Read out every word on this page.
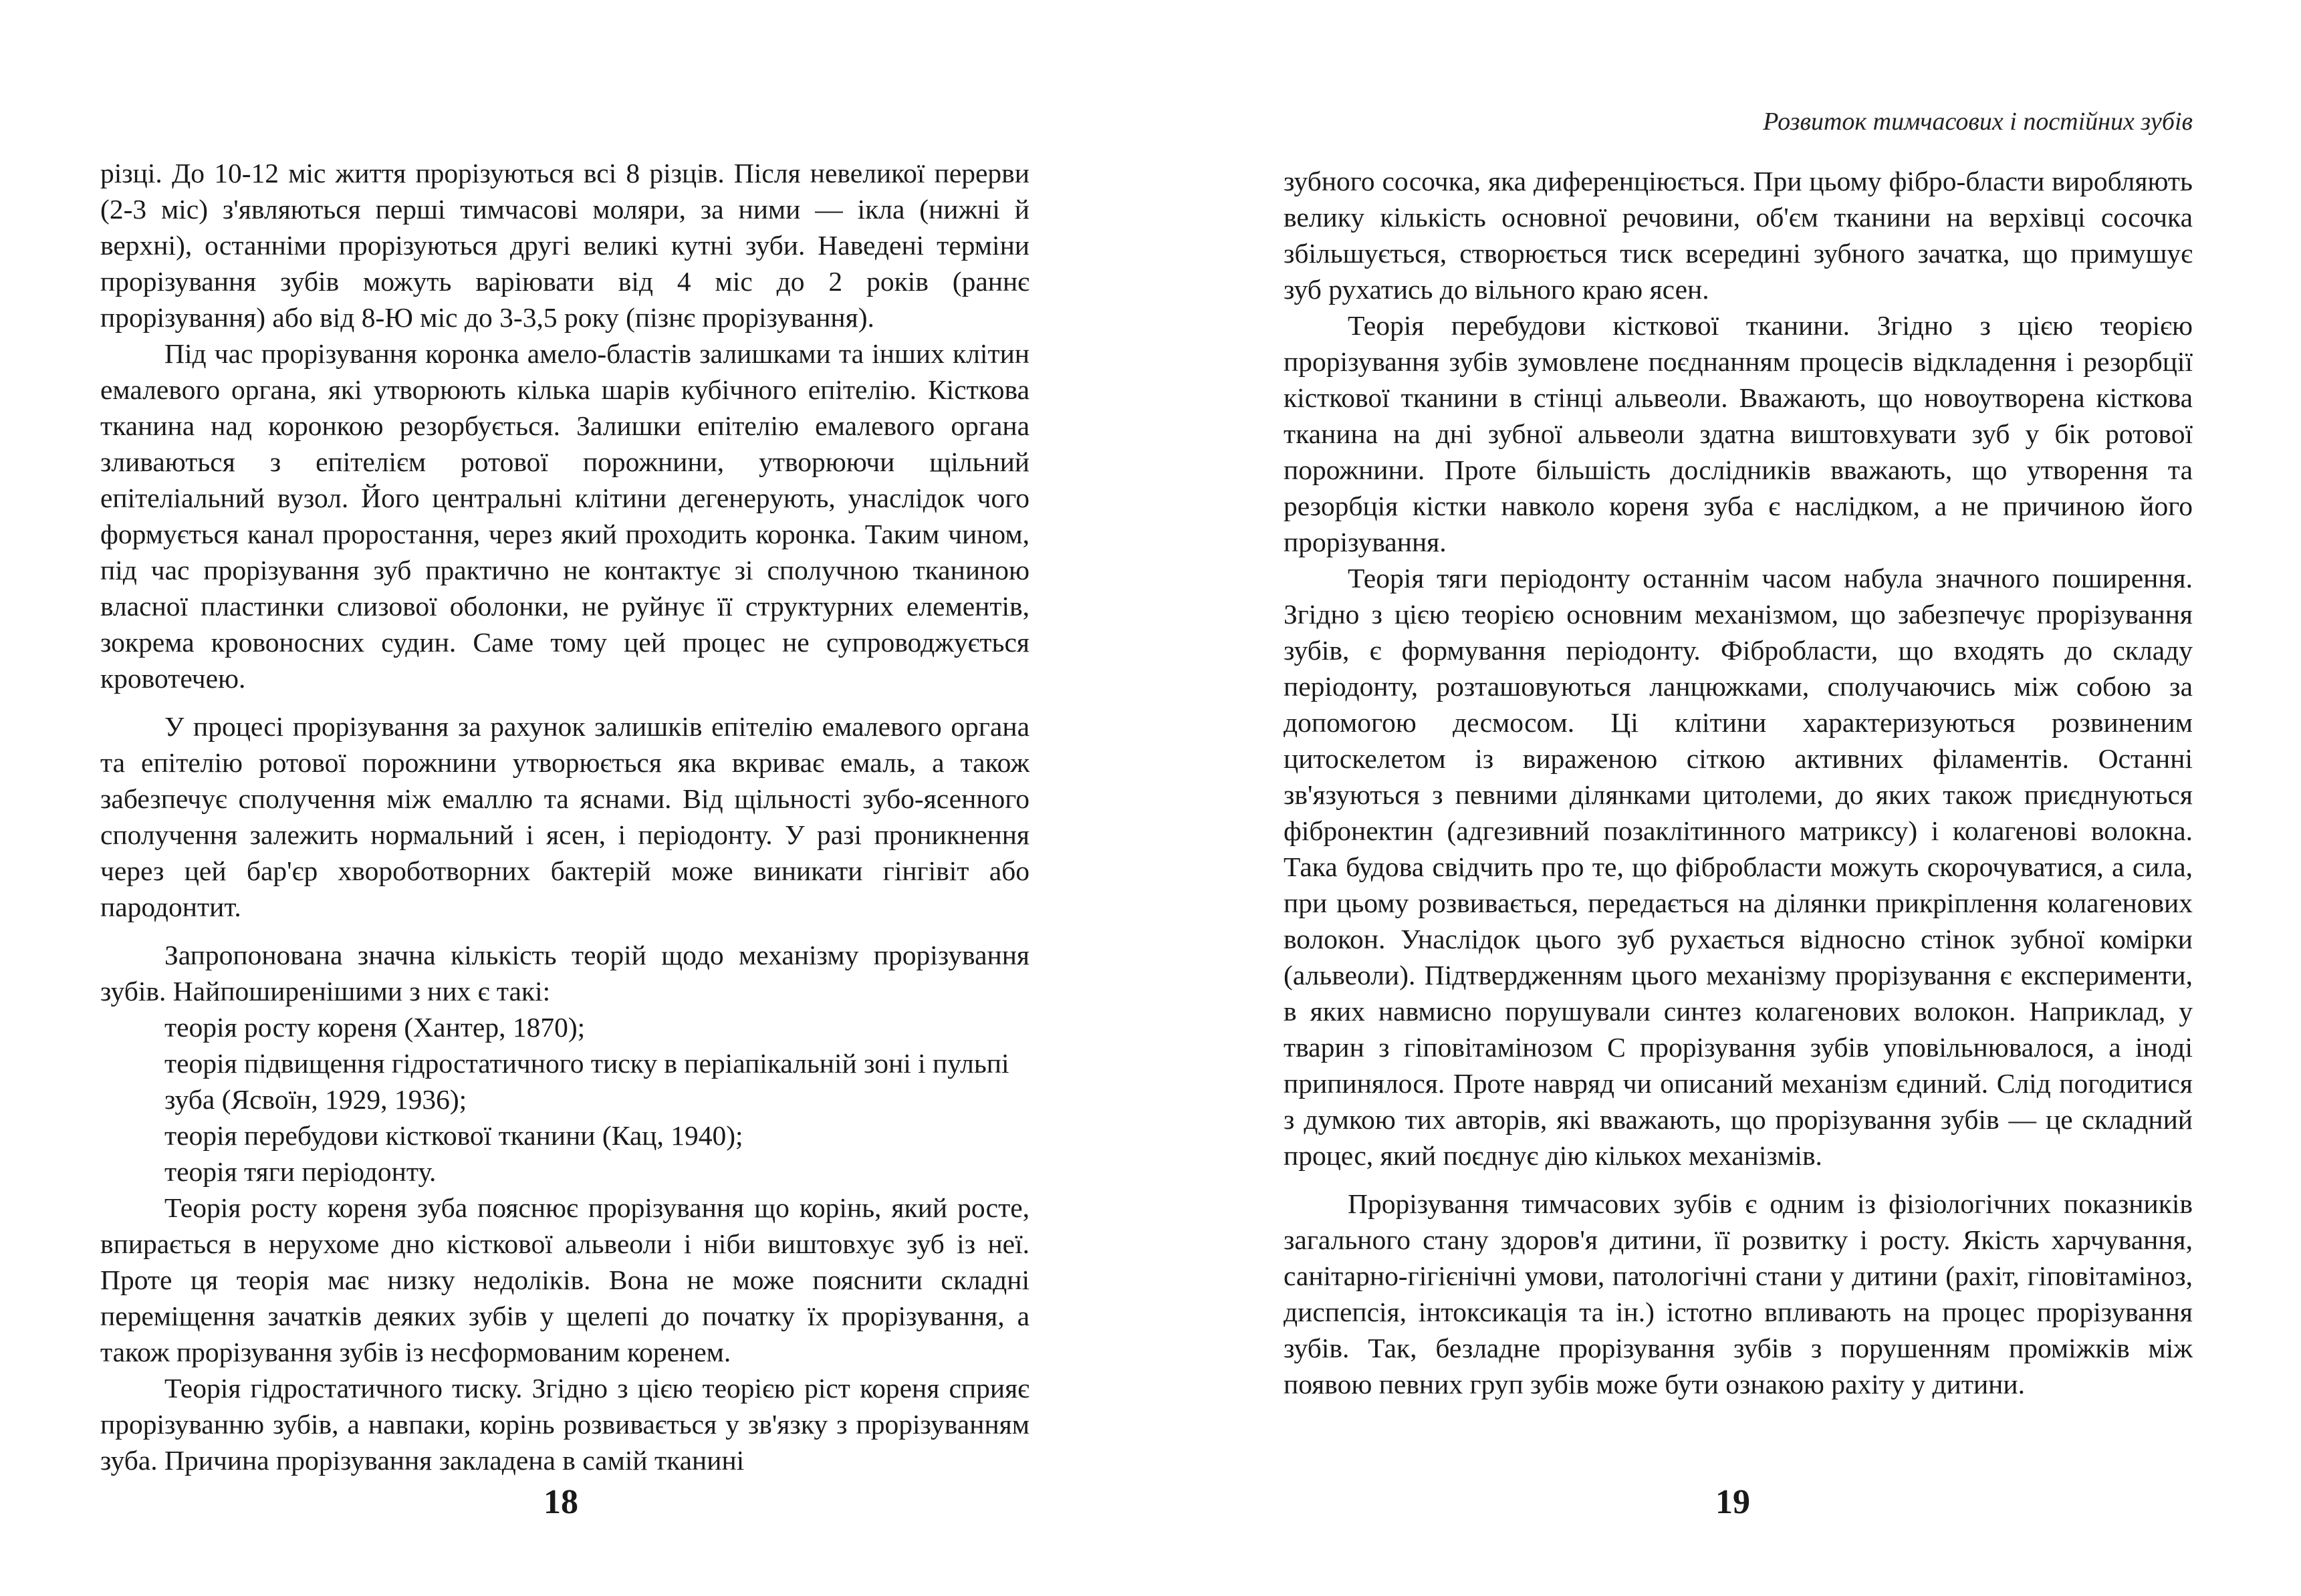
різці. До 10-12 міс життя прорізуються всі 8 різців. Після невеликої перерви (2-3 міс) з'являються перші тимчасові моляри, за ними — ікла (нижні й верхні), останніми прорізуються другі великі кутні зуби. Наведені терміни прорізування зубів можуть варіювати від 4 міс до 2 років (раннє прорізування) або від 8-Ю міс до 3-3,5 року (пізнє прорізування).

Під час прорізування коронка амело-бластів залишками та інших клітин емалевого органа, які утворюють кілька шарів кубічного епітелію. Кісткова тканина над коронкою резорбується. Залишки епітелію емалевого органа зливаються з епітелієм ротової порожнини, утворюючи щільний епітеліальний вузол. Його центральні клітини дегенерують, унаслідок чого формується канал проростання, через який проходить коронка. Таким чином, під час прорізування зуб практично не контактує зі сполучною тканиною власної пластинки слизової оболонки, не руйнує її структурних елементів, зокрема кровоносних судин. Саме тому цей процес не супроводжується кровотечею.

У процесі прорізування за рахунок залишків епітелію емалевого органа та епітелію ротової порожнини утворюється яка вкриває емаль, а також забезпечує сполучення між емаллю та яснами. Від щільності зубо-ясенного сполучення залежить нормальний і ясен, і періодонту. У разі проникнення через цей бар'єр хвороботворних бактерій може виникати гінгівіт або пародонтит.

Запропонована значна кількість теорій щодо механізму прорізування зубів. Найпоширенішими з них є такі:

теорія росту кореня (Хантер, 1870);

теорія підвищення гідростатичного тиску в періапікальній зоні і пульпі зуба (Ясвоїн, 1929, 1936);

теорія перебудови кісткової тканини (Кац, 1940);

теорія тяги періодонту.

Теорія росту кореня зуба пояснює прорізування що корінь, який росте, впирається в нерухоме дно кісткової альвеоли і ніби виштовхує зуб із неї. Проте ця теорія має низку недоліків. Вона не може пояснити складні переміщення зачатків деяких зубів у щелепі до початку їх прорізування, а також прорізування зубів із несформованим коренем.

Теорія гідростатичного тиску. Згідно з цією теорією ріст кореня сприяє прорізуванню зубів, а навпаки, корінь розвивається у зв'язку з прорізуванням зуба. Причина прорізування закладена в самій тканині

18
Розвиток тимчасових і постійних зубів

зубного сосочка, яка диференціюється. При цьому фібро-бласти виробляють велику кількість основної речовини, об'єм тканини на верхівці сосочка збільшується, створюється тиск всередині зубного зачатка, що примушує зуб рухатись до вільного краю ясен.

Теорія перебудови кісткової тканини. Згідно з цією теорією прорізування зубів зумовлене поєднанням процесів відкладення і резорбції кісткової тканини в стінці альвеоли. Вважають, що новоутворена кісткова тканина на дні зубної альвеоли здатна виштовхувати зуб у бік ротової порожнини. Проте більшість дослідників вважають, що утворення та резорбція кістки навколо кореня зуба є наслідком, а не причиною його прорізування.

Теорія тяги періодонту останнім часом набула значного поширення. Згідно з цією теорією основним механізмом, що забезпечує прорізування зубів, є формування періодонту. Фібробласти, що входять до складу періодонту, розташовуються ланцюжками, сполучаючись між собою за допомогою десмосом. Ці клітини характеризуються розвиненим цитоскелетом із вираженою сіткою активних філаментів. Останні зв'язуються з певними ділянками цитолеми, до яких також приєднуються фібронектин (адгезивний позаклітинного матриксу) і колагенові волокна. Така будова свідчить про те, що фібробласти можуть скорочуватися, а сила, при цьому розвивається, передається на ділянки прикріплення колагенових волокон. Унаслідок цього зуб рухається відносно стінок зубної комірки (альвеоли). Підтвердженням цього механізму прорізування є експерименти, в яких навмисно порушували синтез колагенових волокон. Наприклад, у тварин з гіповітамінозом С прорізування зубів уповільнювалося, а іноді припинялося. Проте навряд чи описаний механізм єдиний. Слід погодитися з думкою тих авторів, які вважають, що прорізування зубів — це складний процес, який поєднує дію кількох механізмів.

Прорізування тимчасових зубів є одним із фізіологічних показників загального стану здоров'я дитини, її розвитку і росту. Якість харчування, санітарно-гігієнічні умови, патологічні стани у дитини (рахіт, гіповітаміноз, диспепсія, інтоксикація та ін.) істотно впливають на процес прорізування зубів. Так, безладне прорізування зубів з порушенням проміжків між появою певних груп зубів може бути ознакою рахіту у дитини.

19
